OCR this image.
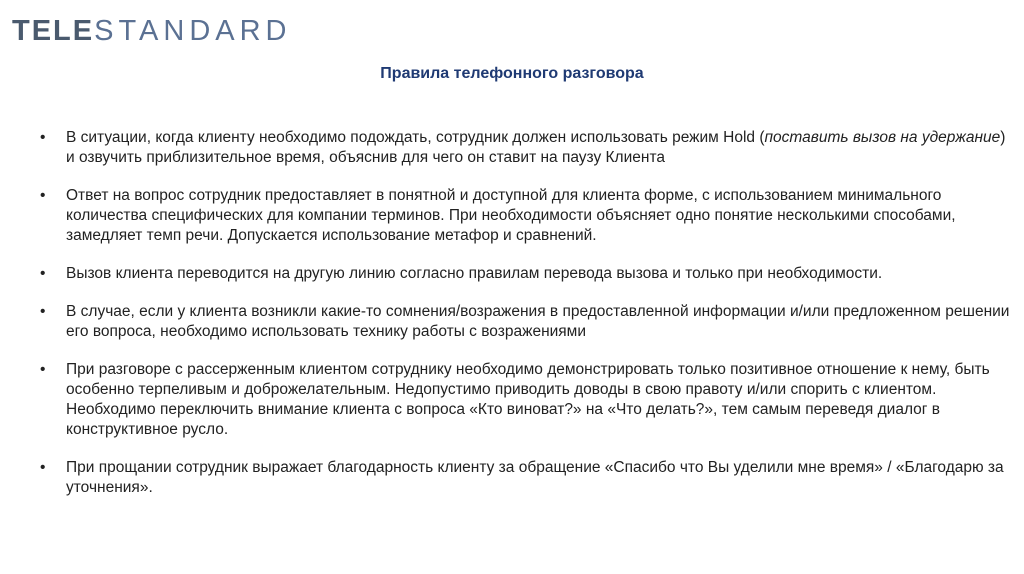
TELESTANDARD
Правила телефонного разговора
• В ситуации, когда клиенту необходимо подождать, сотрудник должен использовать режим Hold (поставить вызов на удержание) и озвучить приблизительное время, объяснив для чего он ставит на паузу Клиента
• Ответ на вопрос сотрудник предоставляет в понятной и доступной для клиента форме, с использованием минимального количества специфических для компании терминов. При необходимости объясняет одно понятие несколькими способами, замедляет темп речи. Допускается использование метафор и сравнений.
• Вызов клиента переводится на другую линию согласно правилам перевода вызова и только при необходимости.
• В случае, если у клиента возникли какие-то сомнения/возражения в предоставленной информации и/или предложенном решении его вопроса, необходимо использовать технику работы с возражениями
• При разговоре с рассерженным клиентом сотруднику необходимо демонстрировать только позитивное отношение к нему, быть особенно терпеливым и доброжелательным. Недопустимо приводить доводы в свою правоту и/или спорить с клиентом. Необходимо переключить внимание клиента с вопроса «Кто виноват?» на «Что делать?», тем самым переведя диалог в конструктивное русло.
• При прощании сотрудник выражает благодарность клиенту за обращение «Спасибо что Вы уделили мне время» / «Благодарю за уточнения».
